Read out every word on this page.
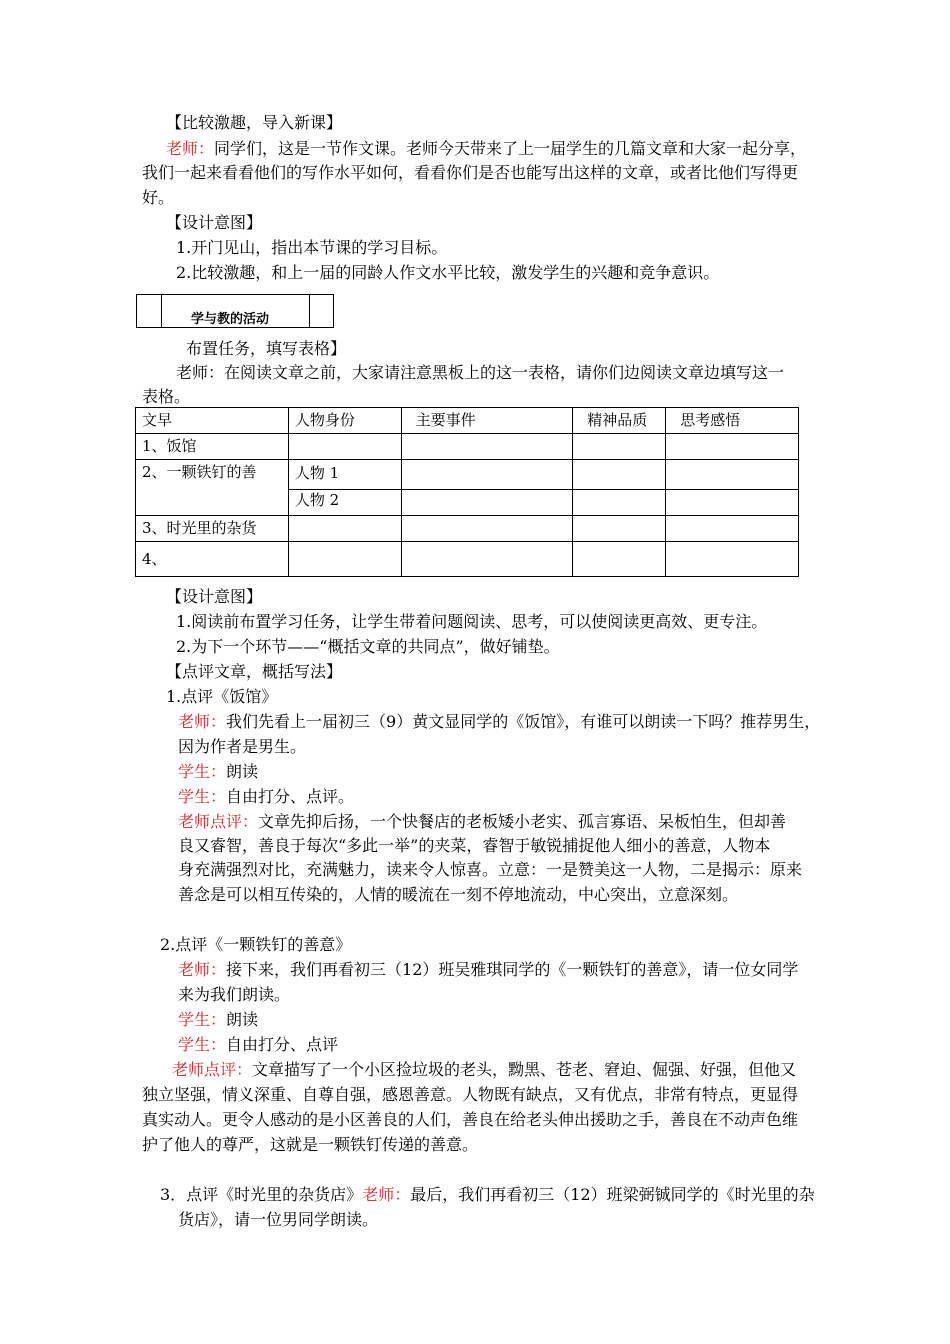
【比较激趣，导入新课】
老师：同学们，这是一节作文课。老师今天带来了上一届学生的几篇文章和大家一起分享，
我们一起来看看他们的写作水平如何，看看你们是否也能写出这样的文章，或者比他们写得更
好。
【设计意图】
1.开门见山，指出本节课的学习目标。
2.比较激趣，和上一届的同龄人作文水平比较，激发学生的兴趣和竞争意识。
学与教的活动
布置任务，填写表格】
老师：在阅读文章之前，大家请注意黑板上的这一表格，请你们边阅读文章边填写这一
表格。
文早	人物身份	主要事件	精神品质	思考感悟
1、饭馆				
2、一颗铁钉的善	人物 1			
	人物 2			
3、时光里的杂货				
4、				
【设计意图】
1.阅读前布置学习任务，让学生带着问题阅读、思考，可以使阅读更高效、更专注。
2.为下一个环节——“概括文章的共同点”，做好铺垫。
【点评文章，概括写法】
1.点评《饭馆》
老师：我们先看上一届初三（9）黄文显同学的《饭馆》，有谁可以朗读一下吗？推荐男生，
因为作者是男生。
学生：朗读
学生：自由打分、点评。
老师点评：文章先抑后扬，一个快餐店的老板矮小老实、孤言寡语、呆板怕生，但却善
良又睿智，善良于每次“多此一举”的夹菜，睿智于敏锐捕捉他人细小的善意，人物本
身充满强烈对比，充满魅力，读来令人惊喜。立意：一是赞美这一人物，二是揭示：原来
善念是可以相互传染的，人情的暖流在一刻不停地流动，中心突出，立意深刻。
2.点评《一颗铁钉的善意》
老师：接下来，我们再看初三（12）班吴雅琪同学的《一颗铁钉的善意》，请一位女同学
来为我们朗读。
学生：朗读
学生：自由打分、点评
老师点评：文章描写了一个小区捡垃圾的老头，黝黑、苍老、窘迫、倔强、好强，但他又
独立坚强，情义深重、自尊自强，感恩善意。人物既有缺点，又有优点，非常有特点，更显得
真实动人。更令人感动的是小区善良的人们，善良在给老头伸出援助之手，善良在不动声色维
护了他人的尊严，这就是一颗铁钉传递的善意。
3．点评《时光里的杂货店》老师：最后，我们再看初三（12）班梁弼铖同学的《时光里的杂
货店》，请一位男同学朗读。
